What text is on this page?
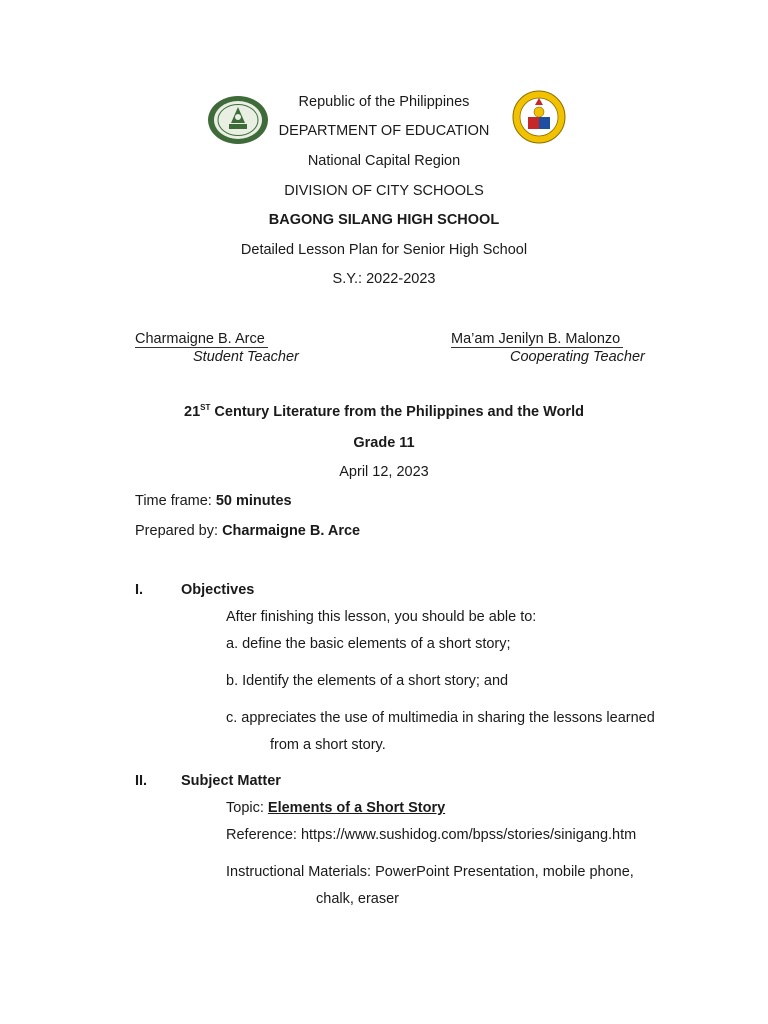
Republic of the Philippines
DEPARTMENT OF EDUCATION
National Capital Region
DIVISION OF CITY SCHOOLS
BAGONG SILANG HIGH SCHOOL
Detailed Lesson Plan for Senior High School
S.Y.: 2022-2023
Charmaigne B. Arce
Student Teacher
Ma’am Jenilyn B. Malonzo
Cooperating Teacher
21ST Century Literature from the Philippines and the World
Grade 11
April 12, 2023
Time frame: 50 minutes
Prepared by: Charmaigne B. Arce
I.	Objectives
After finishing this lesson, you should be able to:
a. define the basic elements of a short story;
b. Identify the elements of a short story; and
c. appreciates the use of multimedia in sharing the lessons learned
from a short story.
II. Subject Matter
Topic: Elements of a Short Story
Reference: https://www.sushidog.com/bpss/stories/sinigang.htm
Instructional Materials: PowerPoint Presentation, mobile phone,
chalk, eraser
